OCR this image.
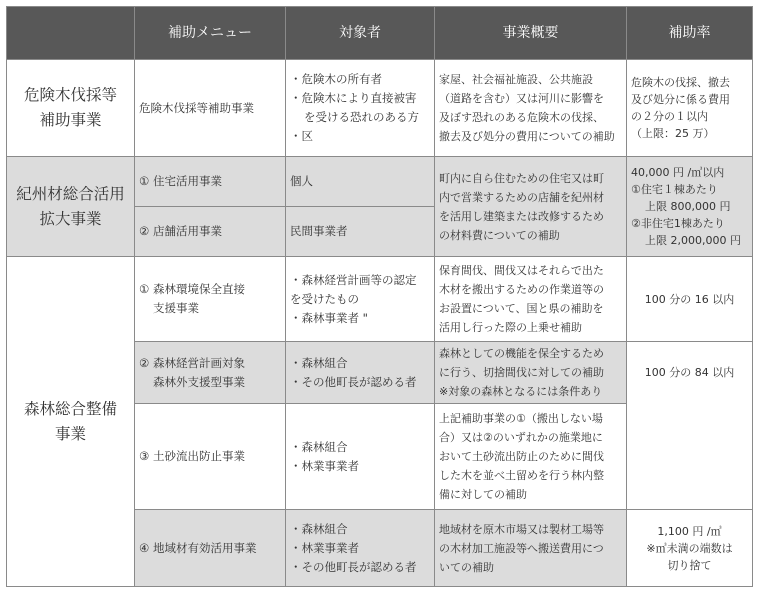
	補助メニュー	対象者	事業概要	補助率

危険木伐採等
補助事業	危険木伐採等補助事業	・危険木の所有者
・危険木により直接被害
を受ける恐れのある方
・区	家屋、社会福祉施設、公共施設
（道路を含む）又は河川に影響を
及ぼす恐れのある危険木の伐採、
撤去及び処分の費用についての補助	危険木の伐採、撤去
及び処分に係る費用
の２分の１以内
（上限：25 万）

紀州材総合活用
拡大事業	① 住宅活用事業	個人	町内に自ら住むための住宅又は町
内で営業するための店舗を紀州材
を活用し建築または改修するため
の材料費についての補助	40,000 円 /㎥以内
①住宅１棟あたり
上限 800,000 円
②非住宅1棟あたり
上限 2,000,000 円

	② 店舗活用事業	民間事業者		

森林総合整備
事業	① 森林環境保全直接
支援事業	・森林経営計画等の認定
を受けたもの
・森林事業者 "	保育間伐、間伐又はそれらで出た
木材を搬出するための作業道等の
お設置について、国と県の補助を
活用し行った際の上乗せ補助	100 分の 16 以内

	② 森林経営計画対象
森林外支援型事業	・森林組合
・その他町長が認める者	森林としての機能を保全するため
に行う、切捨間伐に対しての補助
※対象の森林となるには条件あり	100 分の 84 以内
	③ 土砂流出防止事業	・森林組合
・林業事業者	上記補助事業の①（搬出しない場
合）又は②のいずれかの施業地に
おいて土砂流出防止のために間伐
した木を並べ土留めを行う林内整
備に対しての補助	

	④ 地域材有効活用事業	・森林組合
・林業事業者
・その他町長が認める者	地域材を原木市場又は製材工場等
の木材加工施設等へ搬送費用につ
いての補助	1,100 円 /㎥
※㎥未満の端数は
切り捨て
